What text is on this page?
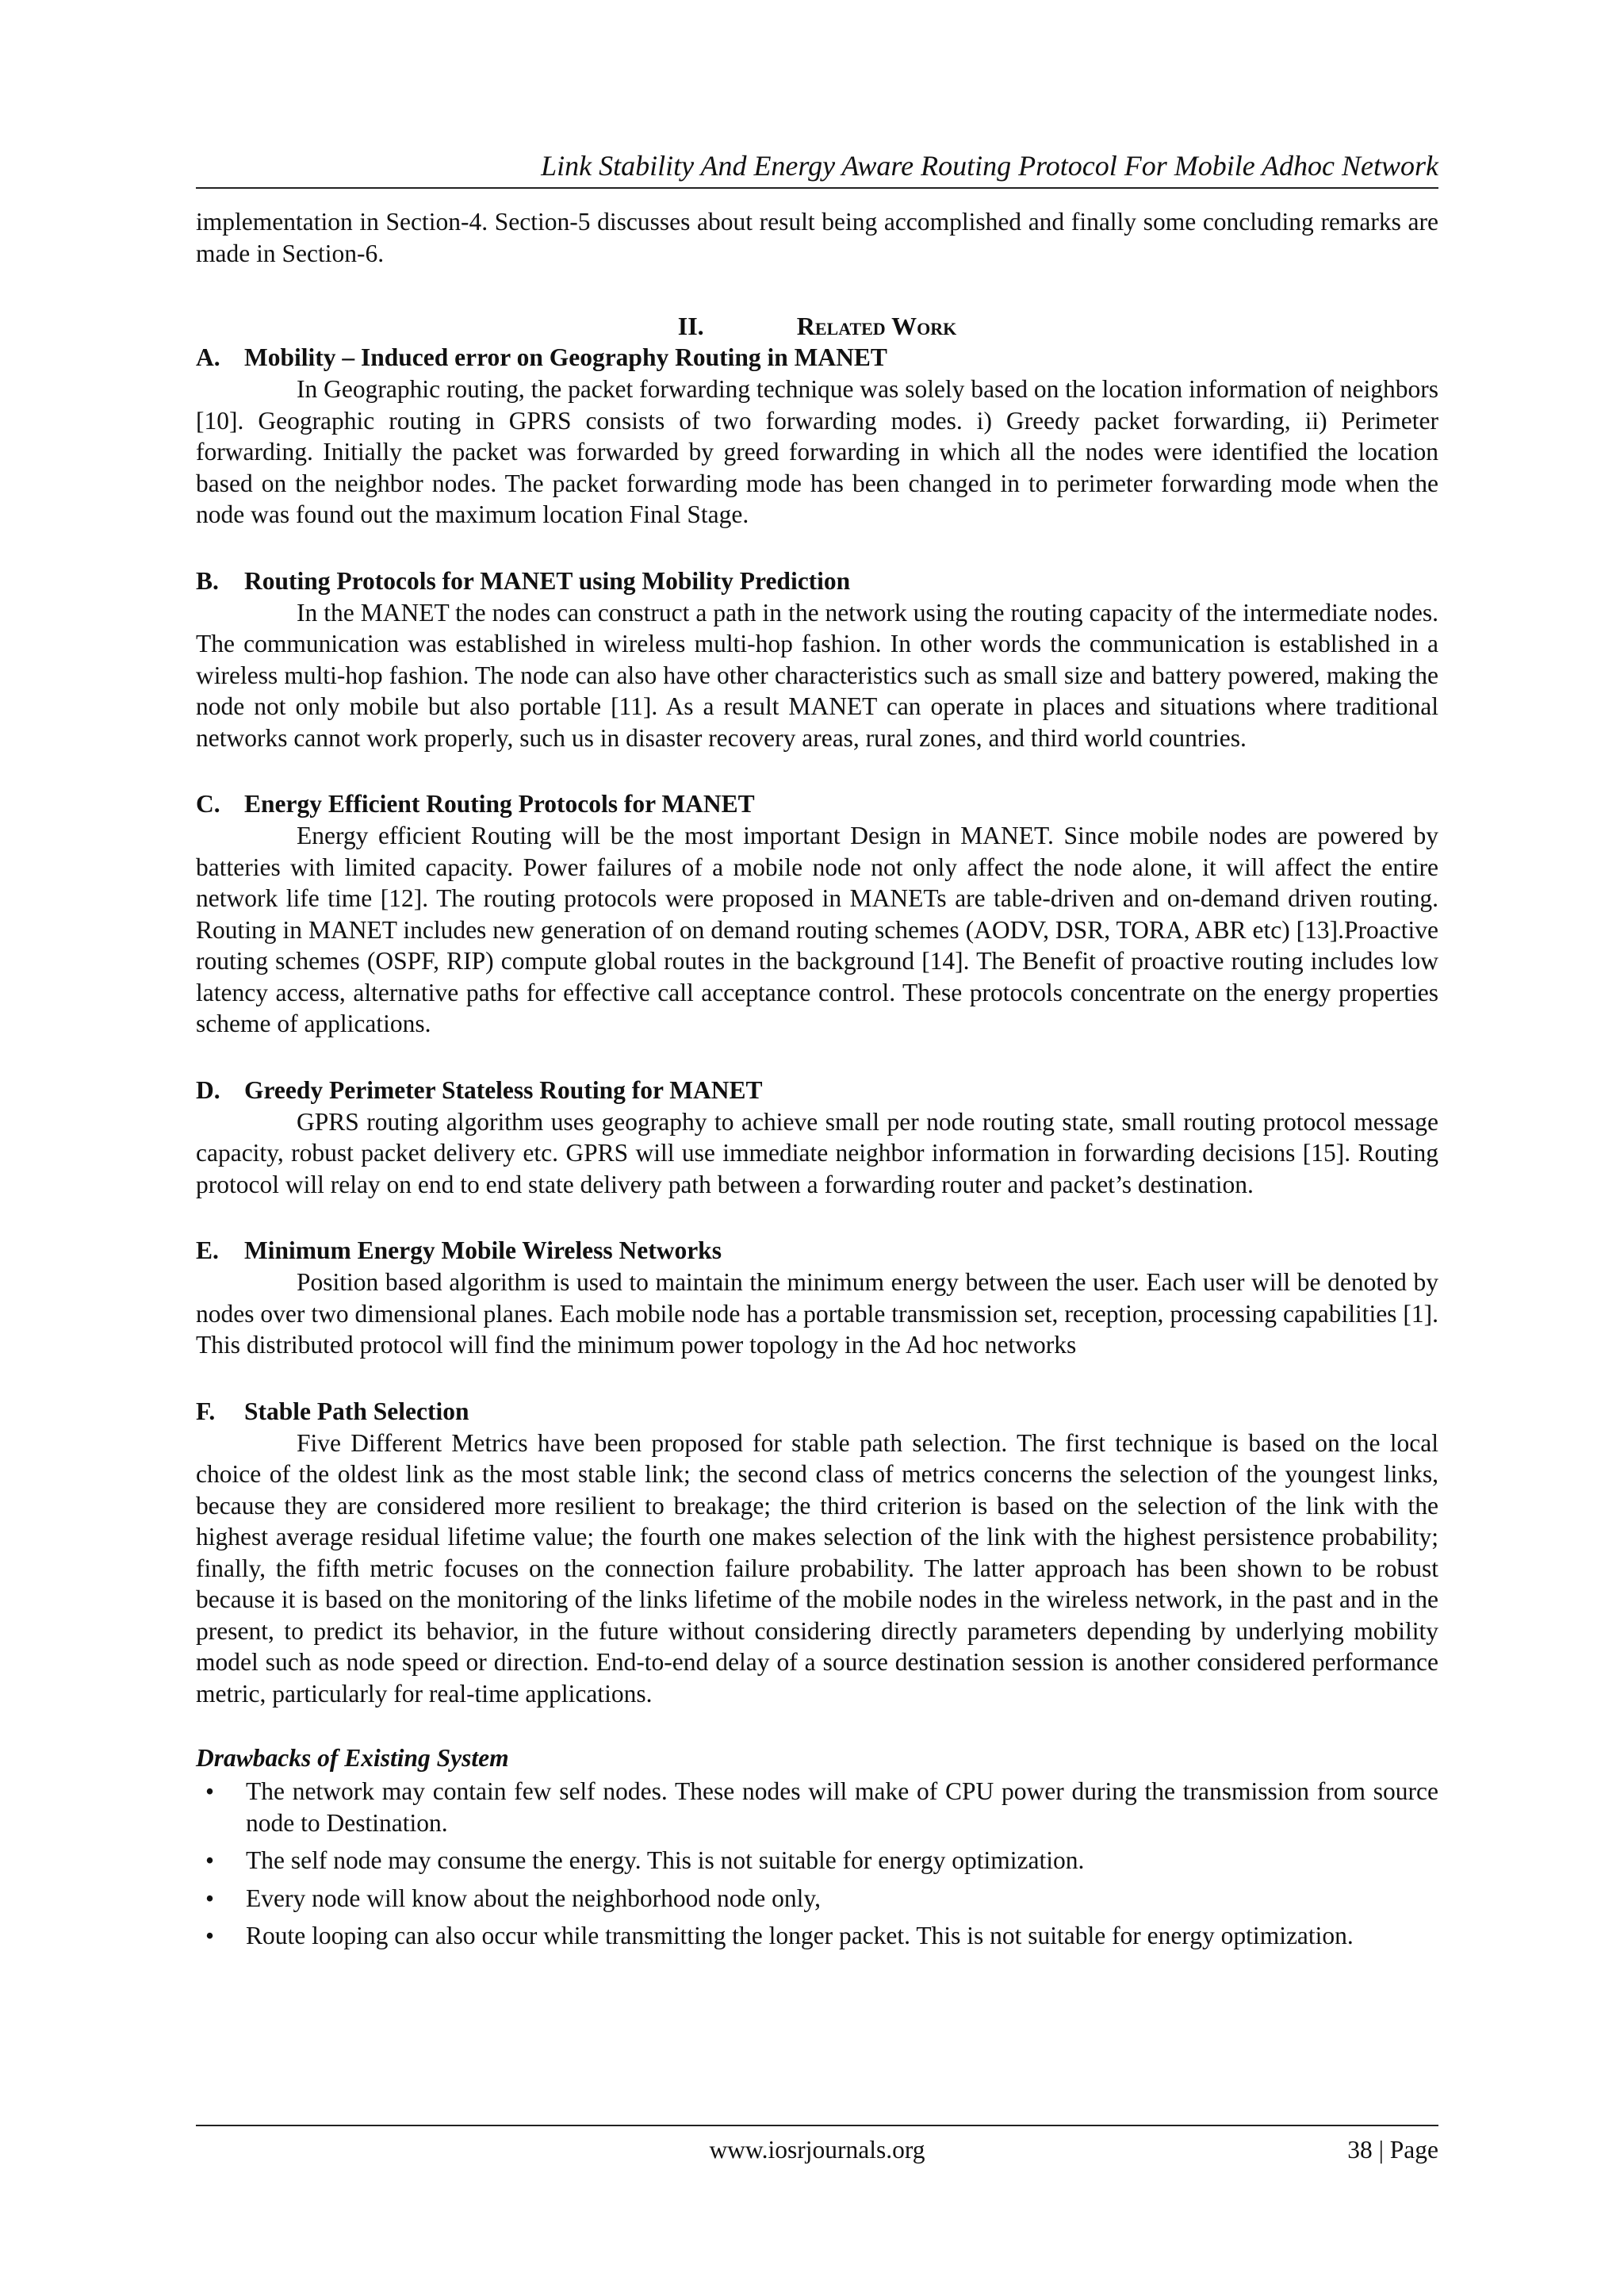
Link Stability And Energy Aware Routing Protocol For Mobile Adhoc Network

implementation in Section-4. Section-5 discusses about result being accomplished and finally some concluding remarks are made in Section-6.

II.	Related Work
A. Mobility – Induced error on Geography Routing in MANET

In Geographic routing, the packet forwarding technique was solely based on the location information of neighbors [10]. Geographic routing in GPRS consists of two forwarding modes. i) Greedy packet forwarding, ii) Perimeter forwarding. Initially the packet was forwarded by greed forwarding in which all the nodes were identified the location based on the neighbor nodes. The packet forwarding mode has been changed in to perimeter forwarding mode when the node was found out the maximum location Final Stage.

B. Routing Protocols for MANET using Mobility Prediction

In the MANET the nodes can construct a path in the network using the routing capacity of the intermediate nodes. The communication was established in wireless multi-hop fashion. In other words the communication is established in a wireless multi-hop fashion. The node can also have other characteristics such as small size and battery powered, making the node not only mobile but also portable [11]. As a result MANET can operate in places and situations where traditional networks cannot work properly, such us in disaster recovery areas, rural zones, and third world countries.

C. Energy Efficient Routing Protocols for MANET

Energy efficient Routing will be the most important Design in MANET. Since mobile nodes are powered by batteries with limited capacity. Power failures of a mobile node not only affect the node alone, it will affect the entire network life time [12]. The routing protocols were proposed in MANETs are table-driven and on-demand driven routing. Routing in MANET includes new generation of on demand routing schemes (AODV, DSR, TORA, ABR etc) [13].Proactive routing schemes (OSPF, RIP) compute global routes in the background [14]. The Benefit of proactive routing includes low latency access, alternative paths for effective call acceptance control. These protocols concentrate on the energy properties scheme of applications.

D. Greedy Perimeter Stateless Routing for MANET

GPRS routing algorithm uses geography to achieve small per node routing state, small routing protocol message capacity, robust packet delivery etc. GPRS will use immediate neighbor information in forwarding decisions [15]. Routing protocol will relay on end to end state delivery path between a forwarding router and packet’s destination.

E. Minimum Energy Mobile Wireless Networks

Position based algorithm is used to maintain the minimum energy between the user. Each user will be denoted by nodes over two dimensional planes. Each mobile node has a portable transmission set, reception, processing capabilities [1]. This distributed protocol will find the minimum power topology in the Ad hoc networks

F. Stable Path Selection

Five Different Metrics have been proposed for stable path selection. The first technique is based on the local choice of the oldest link as the most stable link; the second class of metrics concerns the selection of the youngest links, because they are considered more resilient to breakage; the third criterion is based on the selection of the link with the highest average residual lifetime value; the fourth one makes selection of the link with the highest persistence probability; finally, the fifth metric focuses on the connection failure probability. The latter approach has been shown to be robust because it is based on the monitoring of the links lifetime of the mobile nodes in the wireless network, in the past and in the present, to predict its behavior, in the future without considering directly parameters depending by underlying mobility model such as node speed or direction. End-to-end delay of a source destination session is another considered performance metric, particularly for real-time applications.

Drawbacks of Existing System
• The network may contain few self nodes. These nodes will make of CPU power during the transmission from source node to Destination.
• The self node may consume the energy. This is not suitable for energy optimization.
• Every node will know about the neighborhood node only,
• Route looping can also occur while transmitting the longer packet. This is not suitable for energy optimization.
www.iosrjournals.org	38 | Page
